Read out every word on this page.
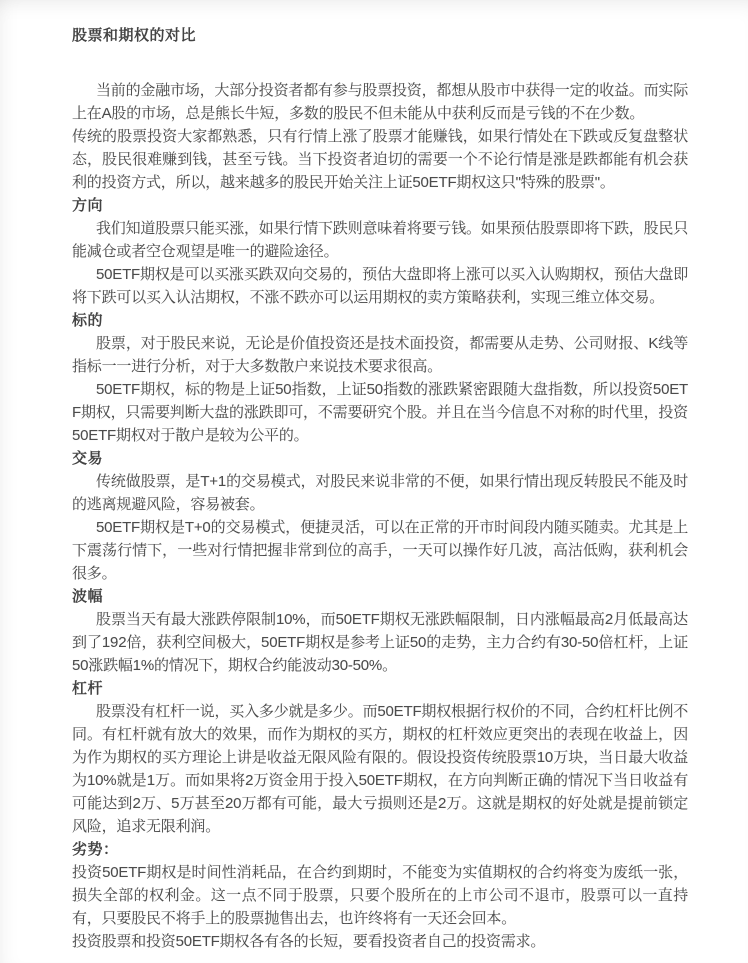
股票和期权的对比

当前的金融市场，大部分投资者都有参与股票投资，都想从股市中获得一定的收益。而实际上在A股的市场，总是熊长牛短，多数的股民不但未能从中获利反而是亏钱的不在少数。

传统的股票投资大家都熟悉，只有行情上涨了股票才能赚钱，如果行情处在下跌或反复盘整状态，股民很难赚到钱，甚至亏钱。当下投资者迫切的需要一个不论行情是涨是跌都能有机会获利的投资方式，所以，越来越多的股民开始关注上证50ETF期权这只"特殊的股票"。

方向

我们知道股票只能买涨，如果行情下跌则意味着将要亏钱。如果预估股票即将下跌，股民只能减仓或者空仓观望是唯一的避险途径。

50ETF期权是可以买涨买跌双向交易的，预估大盘即将上涨可以买入认购期权，预估大盘即将下跌可以买入认沽期权，不涨不跌亦可以运用期权的卖方策略获利，实现三维立体交易。

标的

股票，对于股民来说，无论是价值投资还是技术面投资，都需要从走势、公司财报、K线等指标一一进行分析，对于大多数散户来说技术要求很高。

50ETF期权，标的物是上证50指数，上证50指数的涨跌紧密跟随大盘指数，所以投资50ETF期权，只需要判断大盘的涨跌即可，不需要研究个股。并且在当今信息不对称的时代里，投资50ETF期权对于散户是较为公平的。

交易

传统做股票，是T+1的交易模式，对股民来说非常的不便，如果行情出现反转股民不能及时的逃离规避风险，容易被套。

50ETF期权是T+0的交易模式，便捷灵活，可以在正常的开市时间段内随买随卖。尤其是上下震荡行情下，一些对行情把握非常到位的高手，一天可以操作好几波，高沽低购，获利机会很多。

波幅

股票当天有最大涨跌停限制10%，而50ETF期权无涨跌幅限制，日内涨幅最高2月低最高达到了192倍，获利空间极大，50ETF期权是参考上证50的走势，主力合约有30-50倍杠杆，上证50涨跌幅1%的情况下，期权合约能波动30-50%。

杠杆

股票没有杠杆一说，买入多少就是多少。而50ETF期权根据行权价的不同，合约杠杆比例不同。有杠杆就有放大的效果，而作为期权的买方，期权的杠杆效应更突出的表现在收益上，因为作为期权的买方理论上讲是收益无限风险有限的。假设投资传统股票10万块，当日最大收益为10%就是1万。而如果将2万资金用于投入50ETF期权，在方向判断正确的情况下当日收益有可能达到2万、5万甚至20万都有可能，最大亏损则还是2万。这就是期权的好处就是提前锁定风险，追求无限利润。

劣势：

投资50ETF期权是时间性消耗品，在合约到期时，不能变为实值期权的合约将变为废纸一张，损失全部的权利金。这一点不同于股票，只要个股所在的上市公司不退市，股票可以一直持有，只要股民不将手上的股票抛售出去，也许终将有一天还会回本。

投资股票和投资50ETF期权各有各的长短，要看投资者自己的投资需求。
